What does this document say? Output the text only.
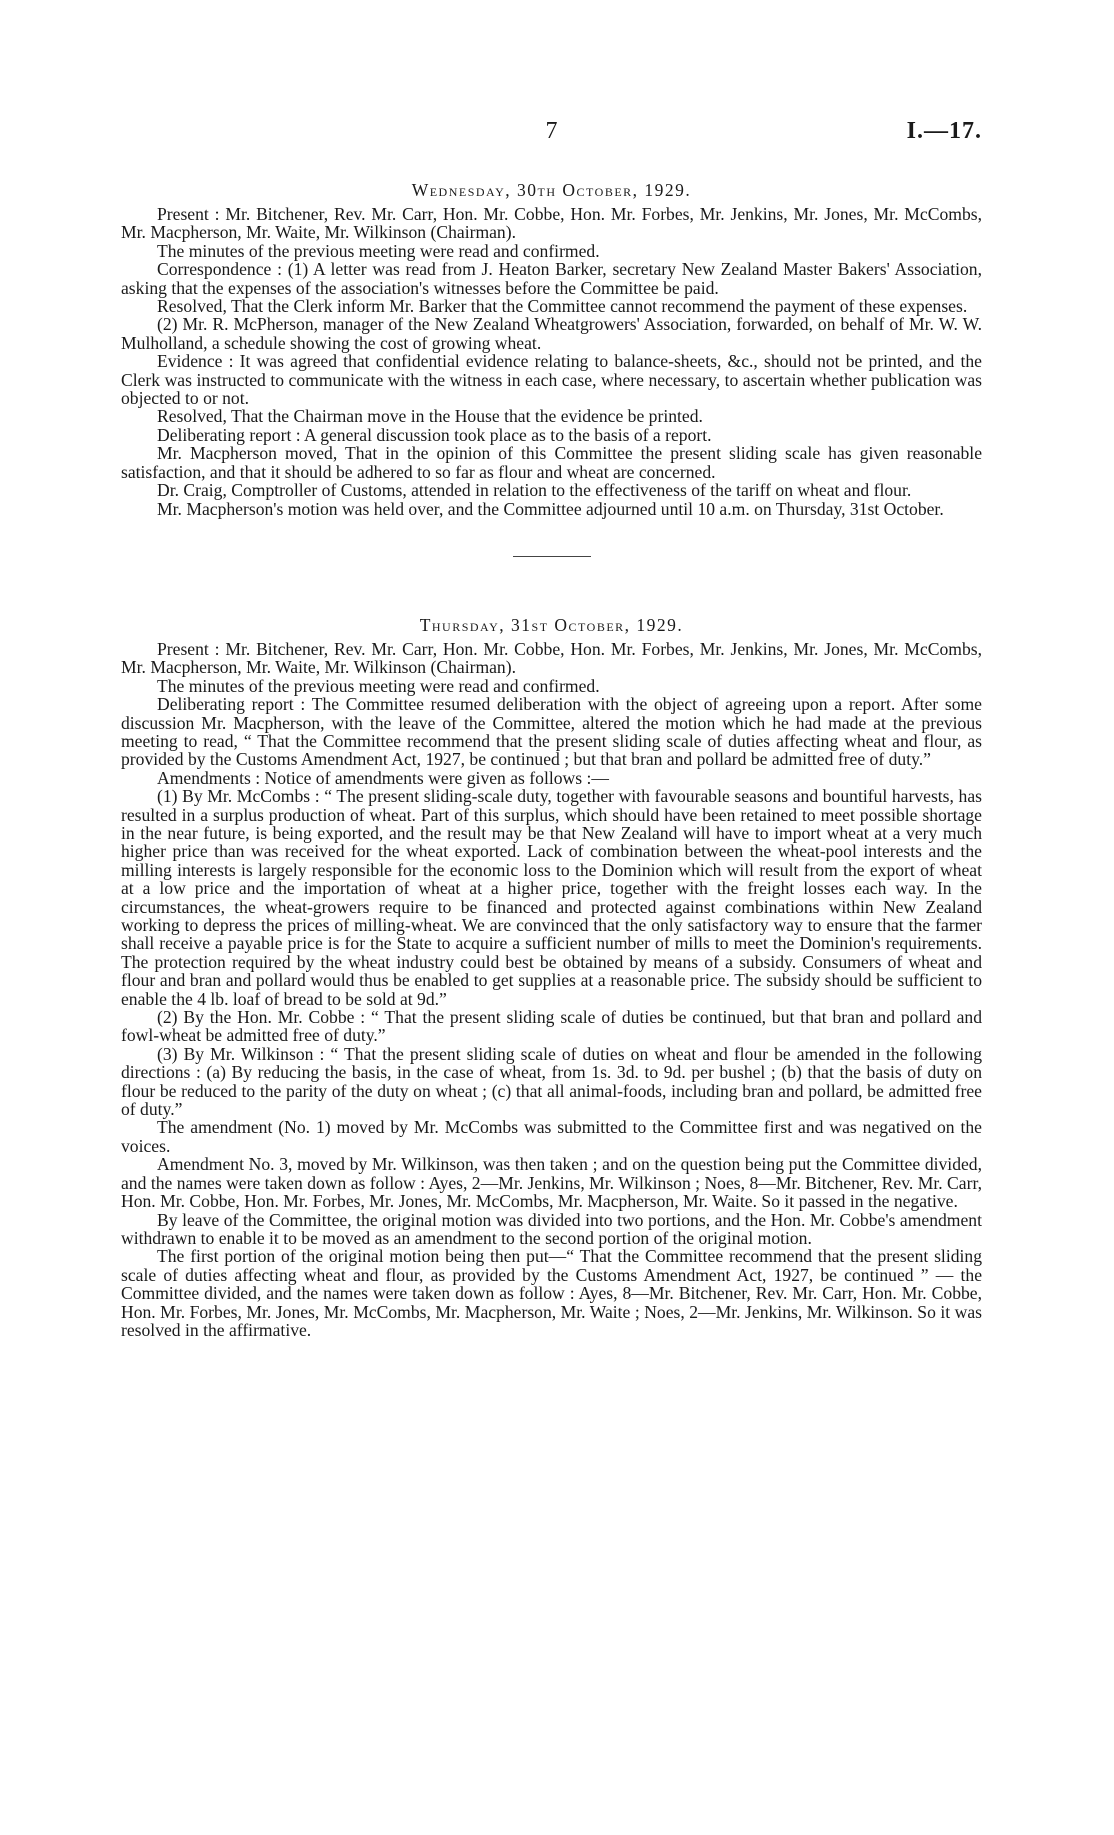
7	I.—17.
Wednesday, 30th October, 1929.

Present : Mr. Bitchener, Rev. Mr. Carr, Hon. Mr. Cobbe, Hon. Mr. Forbes, Mr. Jenkins, Mr. Jones, Mr. McCombs, Mr. Macpherson, Mr. Waite, Mr. Wilkinson (Chairman).

The minutes of the previous meeting were read and confirmed.

Correspondence : (1) A letter was read from J. Heaton Barker, secretary New Zealand Master Bakers' Association, asking that the expenses of the association's witnesses before the Committee be paid.

Resolved, That the Clerk inform Mr. Barker that the Committee cannot recommend the payment of these expenses.

(2) Mr. R. McPherson, manager of the New Zealand Wheatgrowers' Association, forwarded, on behalf of Mr. W. W. Mulholland, a schedule showing the cost of growing wheat.

Evidence : It was agreed that confidential evidence relating to balance-sheets, &c., should not be printed, and the Clerk was instructed to communicate with the witness in each case, where necessary, to ascertain whether publication was objected to or not.

Resolved, That the Chairman move in the House that the evidence be printed.

Deliberating report : A general discussion took place as to the basis of a report.

Mr. Macpherson moved, That in the opinion of this Committee the present sliding scale has given reasonable satisfaction, and that it should be adhered to so far as flour and wheat are concerned.

Dr. Craig, Comptroller of Customs, attended in relation to the effectiveness of the tariff on wheat and flour.

Mr. Macpherson's motion was held over, and the Committee adjourned until 10 a.m. on Thursday, 31st October.

Thursday, 31st October, 1929.

Present : Mr. Bitchener, Rev. Mr. Carr, Hon. Mr. Cobbe, Hon. Mr. Forbes, Mr. Jenkins, Mr. Jones, Mr. McCombs, Mr. Macpherson, Mr. Waite, Mr. Wilkinson (Chairman).

The minutes of the previous meeting were read and confirmed.

Deliberating report : The Committee resumed deliberation with the object of agreeing upon a report. After some discussion Mr. Macpherson, with the leave of the Committee, altered the motion which he had made at the previous meeting to read, “ That the Committee recommend that the present sliding scale of duties affecting wheat and flour, as provided by the Customs Amendment Act, 1927, be continued ; but that bran and pollard be admitted free of duty.”

Amendments : Notice of amendments were given as follows :—

(1) By Mr. McCombs : “ The present sliding-scale duty, together with favourable seasons and bountiful harvests, has resulted in a surplus production of wheat. Part of this surplus, which should have been retained to meet possible shortage in the near future, is being exported, and the result may be that New Zealand will have to import wheat at a very much higher price than was received for the wheat exported. Lack of combination between the wheat-pool interests and the milling interests is largely responsible for the economic loss to the Dominion which will result from the export of wheat at a low price and the importation of wheat at a higher price, together with the freight losses each way. In the circumstances, the wheat-growers require to be financed and protected against combinations within New Zealand working to depress the prices of milling-wheat. We are convinced that the only satisfactory way to ensure that the farmer shall receive a payable price is for the State to acquire a sufficient number of mills to meet the Dominion's requirements. The protection required by the wheat industry could best be obtained by means of a subsidy. Consumers of wheat and flour and bran and pollard would thus be enabled to get supplies at a reasonable price. The subsidy should be sufficient to enable the 4 lb. loaf of bread to be sold at 9d.”

(2) By the Hon. Mr. Cobbe : “ That the present sliding scale of duties be continued, but that bran and pollard and fowl-wheat be admitted free of duty.”

(3) By Mr. Wilkinson : “ That the present sliding scale of duties on wheat and flour be amended in the following directions : (a) By reducing the basis, in the case of wheat, from 1s. 3d. to 9d. per bushel ; (b) that the basis of duty on flour be reduced to the parity of the duty on wheat ; (c) that all animal-foods, including bran and pollard, be admitted free of duty.”

The amendment (No. 1) moved by Mr. McCombs was submitted to the Committee first and was negatived on the voices.

Amendment No. 3, moved by Mr. Wilkinson, was then taken ; and on the question being put the Committee divided, and the names were taken down as follow : Ayes, 2—Mr. Jenkins, Mr. Wilkinson ; Noes, 8—Mr. Bitchener, Rev. Mr. Carr, Hon. Mr. Cobbe, Hon. Mr. Forbes, Mr. Jones, Mr. McCombs, Mr. Macpherson, Mr. Waite. So it passed in the negative.

By leave of the Committee, the original motion was divided into two portions, and the Hon. Mr. Cobbe's amendment withdrawn to enable it to be moved as an amendment to the second portion of the original motion.

The first portion of the original motion being then put—“ That the Committee recommend that the present sliding scale of duties affecting wheat and flour, as provided by the Customs Amendment Act, 1927, be continued ” — the Committee divided, and the names were taken down as follow : Ayes, 8—Mr. Bitchener, Rev. Mr. Carr, Hon. Mr. Cobbe, Hon. Mr. Forbes, Mr. Jones, Mr. McCombs, Mr. Macpherson, Mr. Waite ; Noes, 2—Mr. Jenkins, Mr. Wilkinson. So it was resolved in the affirmative.
